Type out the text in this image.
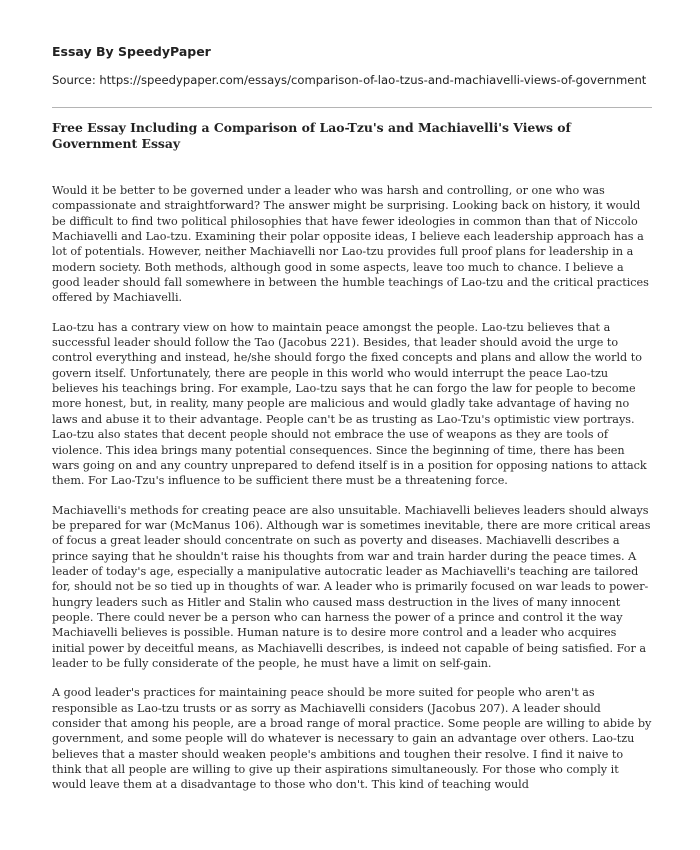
Essay By SpeedyPaper
Source: https://speedypaper.com/essays/comparison-of-lao-tzus-and-machiavelli-views-of-government
Free Essay Including a Comparison of Lao-Tzu's and Machiavelli's Views of Government Essay

Would it be better to be governed under a leader who was harsh and controlling, or one who was compassionate and straightforward? The answer might be surprising. Looking back on history, it would be difficult to find two political philosophies that have fewer ideologies in common than that of Niccolo Machiavelli and Lao-tzu. Examining their polar opposite ideas, I believe each leadership approach has a lot of potentials. However, neither Machiavelli nor Lao-tzu provides full proof plans for leadership in a modern society. Both methods, although good in some aspects, leave too much to chance. I believe a good leader should fall somewhere in between the humble teachings of Lao-tzu and the critical practices offered by Machiavelli.

Lao-tzu has a contrary view on how to maintain peace amongst the people. Lao-tzu believes that a successful leader should follow the Tao (Jacobus 221). Besides, that leader should avoid the urge to control everything and instead, he/she should forgo the fixed concepts and plans and allow the world to govern itself. Unfortunately, there are people in this world who would interrupt the peace Lao-tzu believes his teachings bring. For example, Lao-tzu says that he can forgo the law for people to become more honest, but, in reality, many people are malicious and would gladly take advantage of having no laws and abuse it to their advantage. People can't be as trusting as Lao-Tzu's optimistic view portrays. Lao-tzu also states that decent people should not embrace the use of weapons as they are tools of violence. This idea brings many potential consequences. Since the beginning of time, there has been wars going on and any country unprepared to defend itself is in a position for opposing nations to attack them. For Lao-Tzu's influence to be sufficient there must be a threatening force.

Machiavelli's methods for creating peace are also unsuitable. Machiavelli believes leaders should always be prepared for war (McManus 106). Although war is sometimes inevitable, there are more critical areas of focus a great leader should concentrate on such as poverty and diseases. Machiavelli describes a prince saying that he shouldn't raise his thoughts from war and train harder during the peace times. A leader of today's age, especially a manipulative autocratic leader as Machiavelli's teaching are tailored for, should not be so tied up in thoughts of war. A leader who is primarily focused on war leads to power-hungry leaders such as Hitler and Stalin who caused mass destruction in the lives of many innocent people. There could never be a person who can harness the power of a prince and control it the way Machiavelli believes is possible. Human nature is to desire more control and a leader who acquires initial power by deceitful means, as Machiavelli describes, is indeed not capable of being satisfied. For a leader to be fully considerate of the people, he must have a limit on self-gain.

A good leader's practices for maintaining peace should be more suited for people who aren't as responsible as Lao-tzu trusts or as sorry as Machiavelli considers (Jacobus 207). A leader should consider that among his people, are a broad range of moral practice. Some people are willing to abide by government, and some people will do whatever is necessary to gain an advantage over others. Lao-tzu believes that a master should weaken people's ambitions and toughen their resolve. I find it naive to think that all people are willing to give up their aspirations simultaneously. For those who comply it would leave them at a disadvantage to those who don't. This kind of teaching would
